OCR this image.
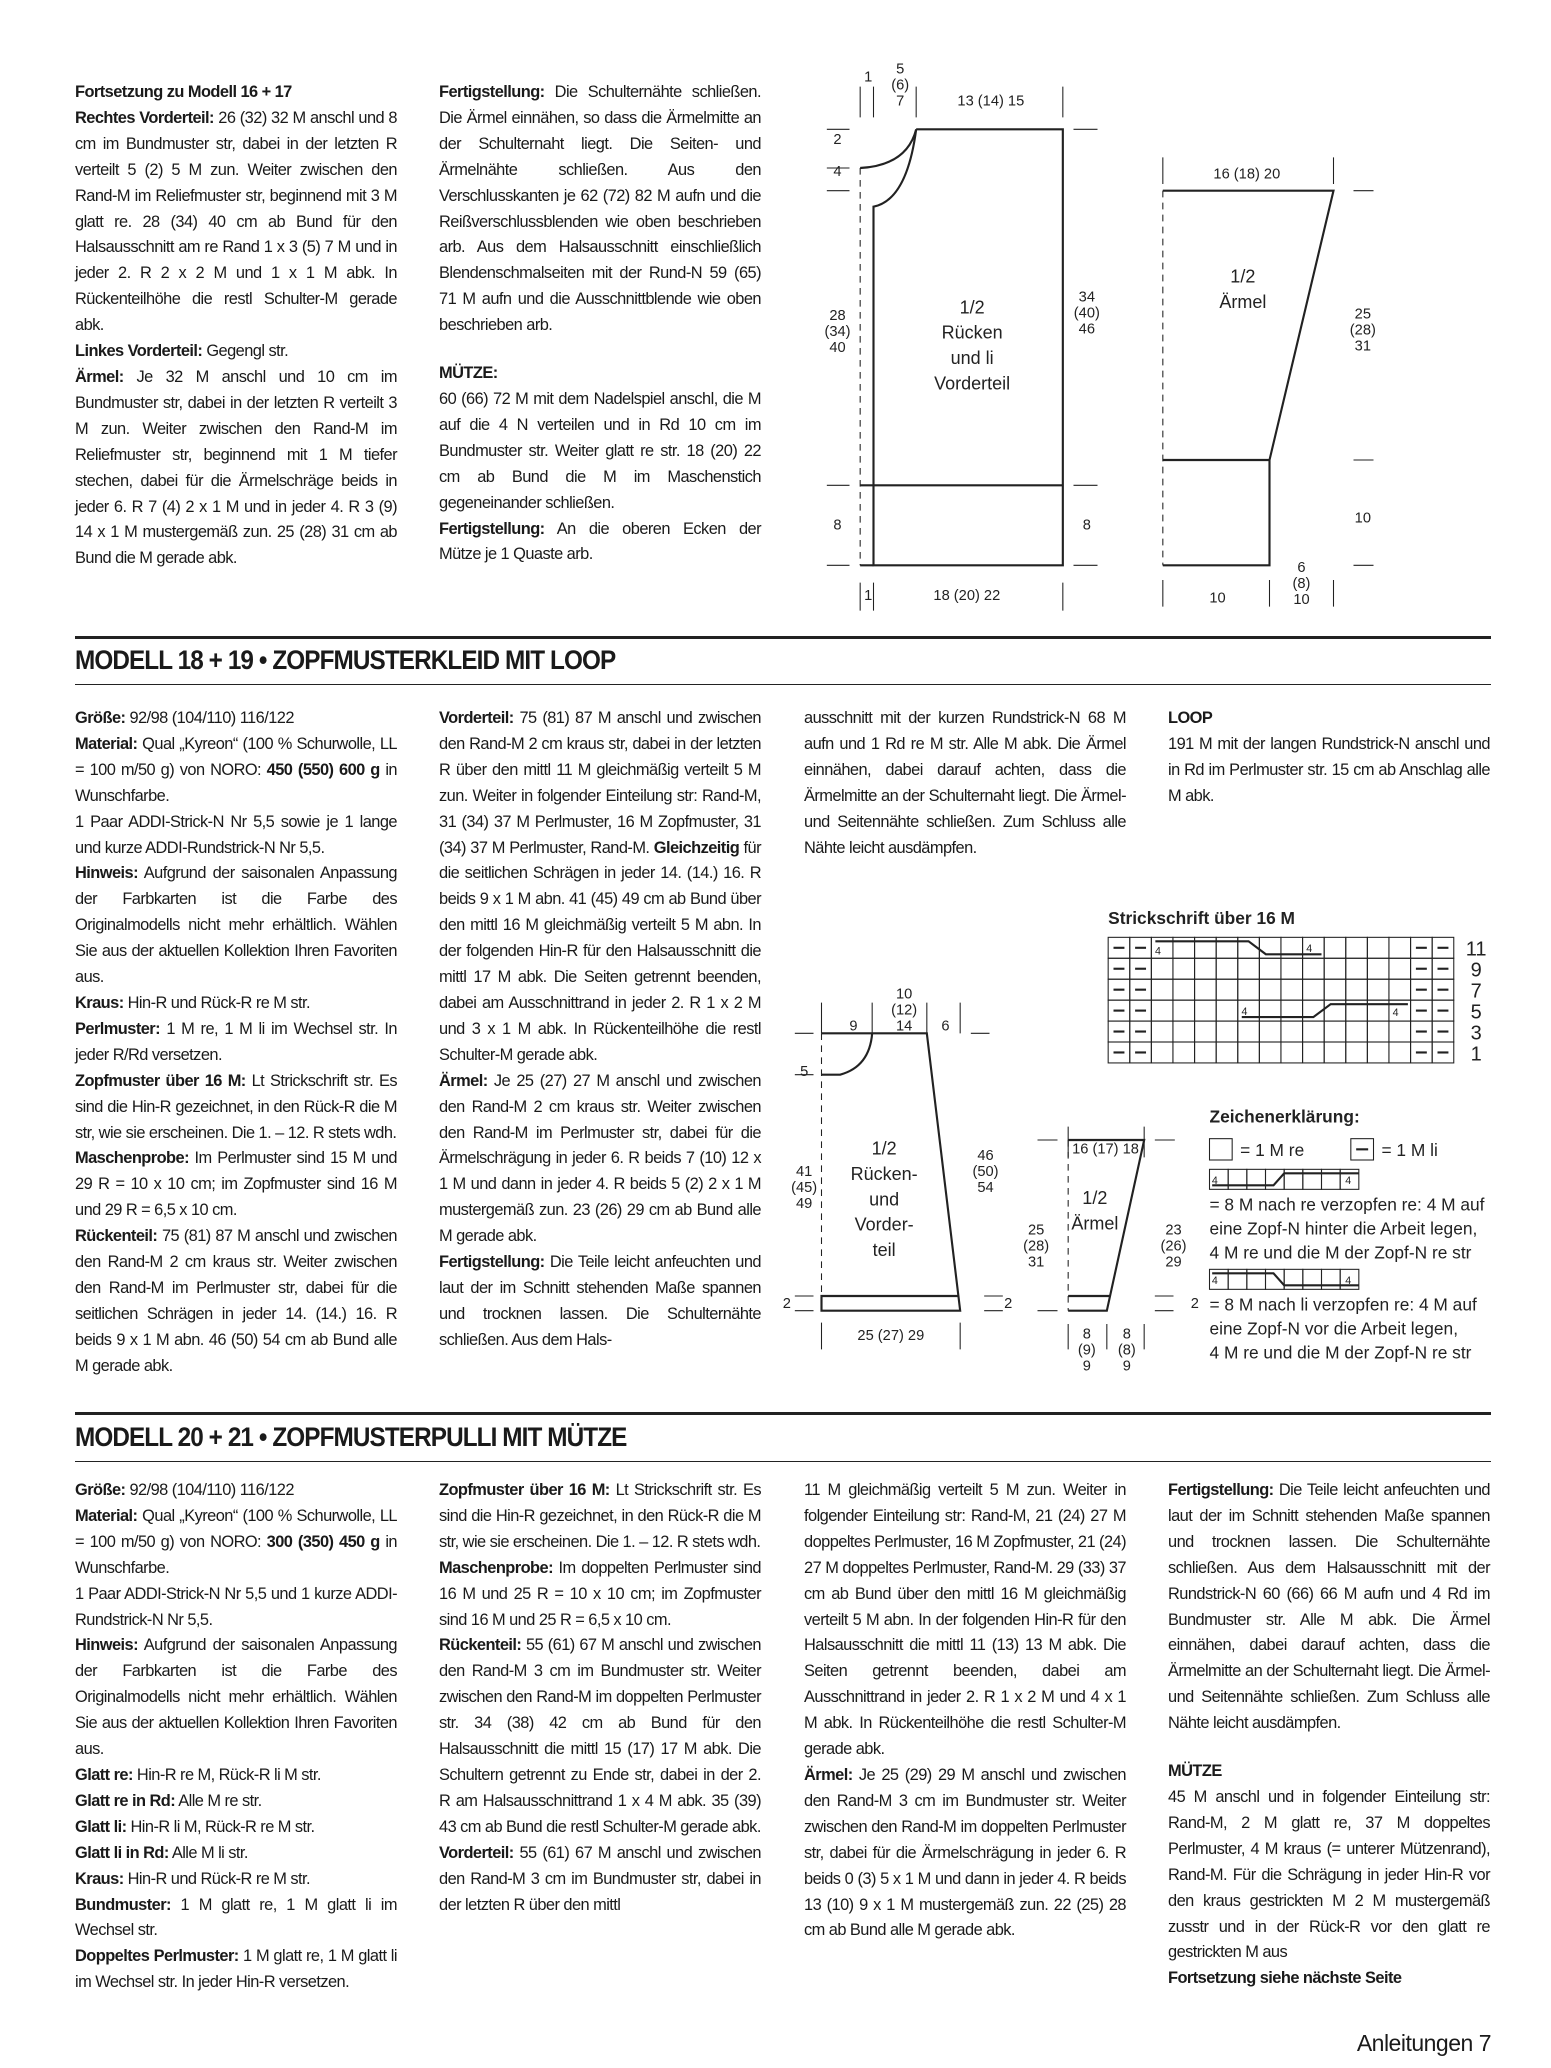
Fortsetzung zu Modell 16 + 17

Rechtes Vorderteil: 26 (32) 32 M anschl und 8 cm im Bundmuster str, dabei in der letzten R verteilt 5 (2) 5 M zun. Weiter zwischen den Rand-M im Reliefmuster str, beginnend mit 3 M glatt re. 28 (34) 40 cm ab Bund für den Halsausschnitt am re Rand 1 x 3 (5) 7 M und in jeder 2. R 2 x 2 M und 1 x 1 M abk. In Rückenteilhöhe die restl Schulter-M gerade abk.

Linkes Vorderteil: Gegengl str.

Ärmel: Je 32 M anschl und 10 cm im Bundmuster str, dabei in der letzten R verteilt 3 M zun. Weiter zwischen den Rand-M im Reliefmuster str, beginnend mit 1 M tiefer stechen, dabei für die Ärmelschräge beids in jeder 6. R 7 (4) 2 x 1 M und in jeder 4. R 3 (9) 14 x 1 M mustergemäß zun. 25 (28) 31 cm ab Bund die M gerade abk.

Fertigstellung: Die Schulternähte schließen. Die Ärmel einnähen, so dass die Ärmelmitte an der Schulternaht liegt. Die Seiten- und Ärmelnähte schließen. Aus den Verschlusskanten je 62 (72) 82 M aufn und die Reißverschlussblenden wie oben beschrieben arb. Aus dem Halsausschnitt einschließlich Blendenschmalseiten mit der Rund-N 59 (65) 71 M aufn und die Ausschnittblende wie oben beschrieben arb.

MÜTZE:

60 (66) 72 M mit dem Nadelspiel anschl, die M auf die 4 N verteilen und in Rd 10 cm im Bundmuster str. Weiter glatt re str. 18 (20) 22 cm ab Bund die M im Maschenstich gegeneinander schließen.

Fertigstellung: An die oberen Ecken der Mütze je 1 Quaste arb.

MODELL 18 + 19 • ZOPFMUSTERKLEID MIT LOOP

Größe: 92/98 (104/110) 116/122

Material: Qual „Kyreon“ (100 % Schurwolle, LL = 100 m/50 g) von NORO: 450 (550) 600 g in Wunschfarbe.

1 Paar ADDI-Strick-N Nr 5,5 sowie je 1 lange und kurze ADDI-Rundstrick-N Nr 5,5.

Hinweis: Aufgrund der saisonalen Anpassung der Farbkarten ist die Farbe des Originalmodells nicht mehr erhältlich. Wählen Sie aus der aktuellen Kollektion Ihren Favoriten aus.

Kraus: Hin-R und Rück-R re M str.

Perlmuster: 1 M re, 1 M li im Wechsel str. In jeder R/Rd versetzen.

Zopfmuster über 16 M: Lt Strickschrift str. Es sind die Hin-R gezeichnet, in den Rück-R die M str, wie sie erscheinen. Die 1. – 12. R stets wdh.

Maschenprobe: Im Perlmuster sind 15 M und 29 R = 10 x 10 cm; im Zopfmuster sind 16 M und 29 R = 6,5 x 10 cm.

Rückenteil: 75 (81) 87 M anschl und zwischen den Rand-M 2 cm kraus str. Weiter zwischen den Rand-M im Perlmuster str, dabei für die seitlichen Schrägen in jeder 14. (14.) 16. R beids 9 x 1 M abn. 46 (50) 54 cm ab Bund alle M gerade abk.

Vorderteil: 75 (81) 87 M anschl und zwischen den Rand-M 2 cm kraus str, dabei in der letzten R über den mittl 11 M gleichmäßig verteilt 5 M zun. Weiter in folgender Einteilung str: Rand-M, 31 (34) 37 M Perlmuster, 16 M Zopfmuster, 31 (34) 37 M Perlmuster, Rand-M. Gleichzeitig für die seitlichen Schrägen in jeder 14. (14.) 16. R beids 9 x 1 M abn. 41 (45) 49 cm ab Bund über den mittl 16 M gleichmäßig verteilt 5 M abn. In der folgenden Hin-R für den Halsausschnitt die mittl 17 M abk. Die Seiten getrennt beenden, dabei am Ausschnittrand in jeder 2. R 1 x 2 M und 3 x 1 M abk. In Rückenteilhöhe die restl Schulter-M gerade abk.

Ärmel: Je 25 (27) 27 M anschl und zwischen den Rand-M 2 cm kraus str. Weiter zwischen den Rand-M im Perlmuster str, dabei für die Ärmelschrägung in jeder 6. R beids 7 (10) 12 x 1 M und dann in jeder 4. R beids 5 (2) 2 x 1 M mustergemäß zun. 23 (26) 29 cm ab Bund alle M gerade abk.

Fertigstellung: Die Teile leicht anfeuchten und laut der im Schnitt stehenden Maße spannen und trocknen lassen. Die Schulternähte schließen. Aus dem Hals-

ausschnitt mit der kurzen Rundstrick-N 68 M aufn und 1 Rd re M str. Alle M abk. Die Ärmel einnähen, dabei darauf achten, dass die Ärmelmitte an der Schulternaht liegt. Die Ärmel- und Seitennähte schließen. Zum Schluss alle Nähte leicht ausdämpfen.

LOOP

191 M mit der langen Rundstrick-N anschl und in Rd im Perlmuster str. 15 cm ab Anschlag alle M abk.

MODELL 20 + 21 • ZOPFMUSTERPULLI MIT MÜTZE

Größe: 92/98 (104/110) 116/122

Material: Qual „Kyreon“ (100 % Schurwolle, LL = 100 m/50 g) von NORO: 300 (350) 450 g in Wunschfarbe.

1 Paar ADDI-Strick-N Nr 5,5 und 1 kurze ADDI-Rundstrick-N Nr 5,5.

Hinweis: Aufgrund der saisonalen Anpassung der Farbkarten ist die Farbe des Originalmodells nicht mehr erhältlich. Wählen Sie aus der aktuellen Kollektion Ihren Favoriten aus.

Glatt re: Hin-R re M, Rück-R li M str.

Glatt re in Rd: Alle M re str.

Glatt li: Hin-R li M, Rück-R re M str.

Glatt li in Rd: Alle M li str.

Kraus: Hin-R und Rück-R re M str.

Bundmuster: 1 M glatt re, 1 M glatt li im Wechsel str.

Doppeltes Perlmuster: 1 M glatt re, 1 M glatt li im Wechsel str. In jeder Hin-R versetzen.

Zopfmuster über 16 M: Lt Strickschrift str. Es sind die Hin-R gezeichnet, in den Rück-R die M str, wie sie erscheinen. Die 1. – 12. R stets wdh.

Maschenprobe: Im doppelten Perlmuster sind 16 M und 25 R = 10 x 10 cm; im Zopfmuster sind 16 M und 25 R = 6,5 x 10 cm.

Rückenteil: 55 (61) 67 M anschl und zwischen den Rand-M 3 cm im Bundmuster str. Weiter zwischen den Rand-M im doppelten Perlmuster str. 34 (38) 42 cm ab Bund für den Halsausschnitt die mittl 15 (17) 17 M abk. Die Schultern getrennt zu Ende str, dabei in der 2. R am Halsausschnittrand 1 x 4 M abk. 35 (39) 43 cm ab Bund die restl Schulter-M gerade abk.

Vorderteil: 55 (61) 67 M anschl und zwischen den Rand-M 3 cm im Bundmuster str, dabei in der letzten R über den mittl

11 M gleichmäßig verteilt 5 M zun. Weiter in folgender Einteilung str: Rand-M, 21 (24) 27 M doppeltes Perlmuster, 16 M Zopfmuster, 21 (24) 27 M doppeltes Perlmuster, Rand-M. 29 (33) 37 cm ab Bund über den mittl 16 M gleichmäßig verteilt 5 M abn. In der folgenden Hin-R für den Halsausschnitt die mittl 11 (13) 13 M abk. Die Seiten getrennt beenden, dabei am Ausschnittrand in jeder 2. R 1 x 2 M und 4 x 1 M abk. In Rückenteilhöhe die restl Schulter-M gerade abk.

Ärmel: Je 25 (29) 29 M anschl und zwischen den Rand-M 3 cm im Bundmuster str. Weiter zwischen den Rand-M im doppelten Perlmuster str, dabei für die Ärmelschrägung in jeder 6. R beids 0 (3) 5 x 1 M und dann in jeder 4. R beids 13 (10) 9 x 1 M mustergemäß zun. 22 (25) 28 cm ab Bund alle M gerade abk.

Fertigstellung: Die Teile leicht anfeuchten und laut der im Schnitt stehenden Maße spannen und trocknen lassen. Die Schulternähte schließen. Aus dem Halsausschnitt mit der Rundstrick-N 60 (66) 66 M aufn und 4 Rd im Bundmuster str. Alle M abk. Die Ärmel einnähen, dabei darauf achten, dass die Ärmelmitte an der Schulternaht liegt. Die Ärmel- und Seitennähte schließen. Zum Schluss alle Nähte leicht ausdämpfen.

MÜTZE

45 M anschl und in folgender Einteilung str: Rand-M, 2 M glatt re, 37 M doppeltes Perlmuster, 4 M kraus (= unterer Mützenrand), Rand-M. Für die Schrägung in jeder Hin-R vor den kraus gestrickten M 2 M mustergemäß zusstr und in der Rück-R vor den glatt re gestrickten M aus

Fortsetzung siehe nächste Seite

Anleitungen 7
1 5
(6)
7	13 (14) 15
2
4
28
(34)
40
8
34
(40)
46
8
1	18 (20) 22
1/2
Rücken
und li
Vorderteil
16 (18) 20
1/2
Ärmel
25
(28)
31
10
10
6
(8)
10
10
(12)
14
9	6
5
41
(45)
49
2
46
(50)
54
2
25 (27) 29
1/2
Rücken-
und
Vorder-
teil
16 (17) 18
1/2
Ärmel
25
(28)
31
23
(26)
29
2
8
(9)
9
8
(8)
9
Strickschrift über 16 M
11
9
7
5
3
1
4	4
4	4
Zeichenerklärung:
= 1 M re	= 1 M li
= 8 M nach re verzopfen re: 4 M auf
eine Zopf-N hinter die Arbeit legen,
4 M re und die M der Zopf-N re str
= 8 M nach li verzopfen re: 4 M auf
eine Zopf-N vor die Arbeit legen,
4 M re und die M der Zopf-N re str
4	4
4	4
